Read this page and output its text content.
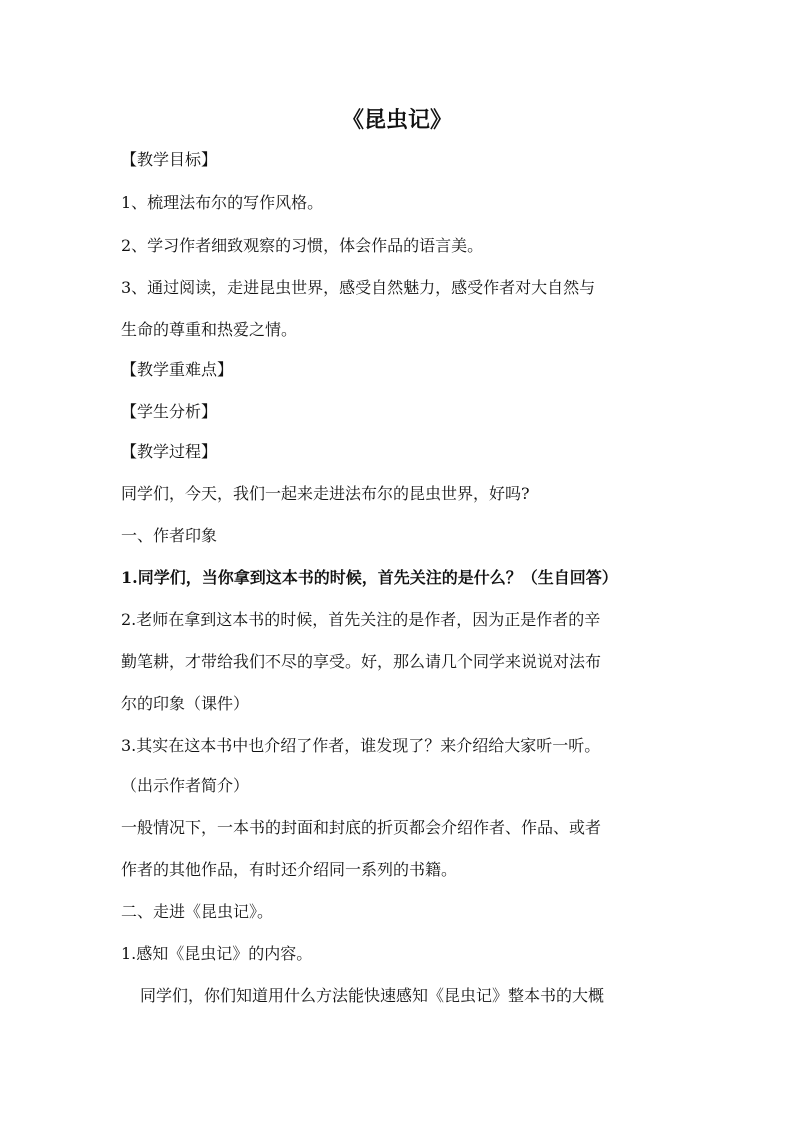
《昆虫记》
【教学目标】
1、梳理法布尔的写作风格。
2、学习作者细致观察的习惯，体会作品的语言美。
3、通过阅读，走进昆虫世界，感受自然魅力，感受作者对大自然与
生命的尊重和热爱之情。
【教学重难点】
【学生分析】
【教学过程】
同学们，今天，我们一起来走进法布尔的昆虫世界，好吗?
一、作者印象
1.同学们，当你拿到这本书的时候，首先关注的是什么？（生自回答）
2.老师在拿到这本书的时候，首先关注的是作者，因为正是作者的辛
勤笔耕，才带给我们不尽的享受。好，那么请几个同学来说说对法布
尔的印象（课件）
3.其实在这本书中也介绍了作者，谁发现了？来介绍给大家听一听。
（出示作者简介）
一般情况下，一本书的封面和封底的折页都会介绍作者、作品、或者
作者的其他作品，有时还介绍同一系列的书籍。
二、走进《昆虫记》。
1.感知《昆虫记》的内容。
同学们，你们知道用什么方法能快速感知《昆虫记》整本书的大概
